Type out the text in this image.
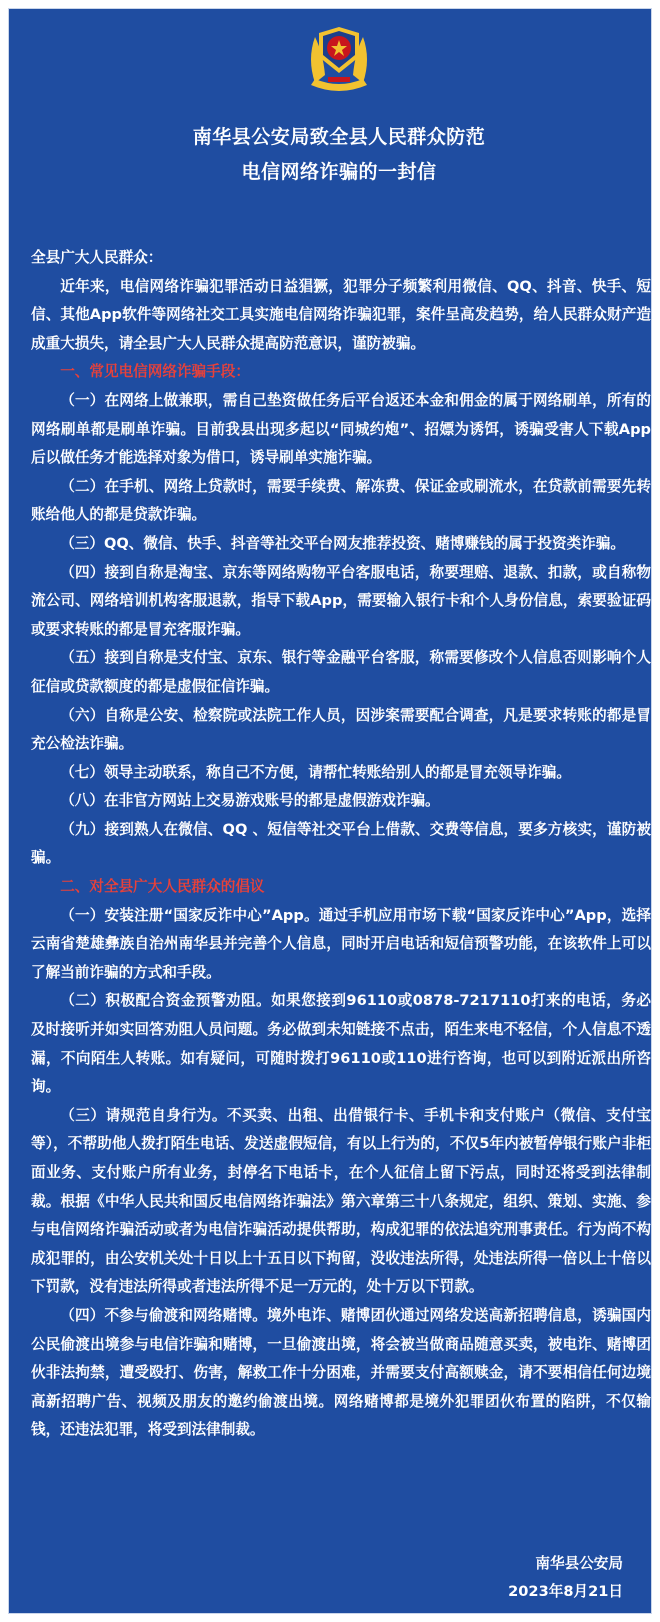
南华县公安局致全县人民群众防范
电信网络诈骗的一封信

全县广大人民群众：

近年来，电信网络诈骗犯罪活动日益猖獗，犯罪分子频繁利用微信、QQ、抖音、快手、短信、其他App软件等网络社交工具实施电信网络诈骗犯罪，案件呈高发趋势，给人民群众财产造成重大损失，请全县广大人民群众提高防范意识，谨防被骗。

一、常见电信网络诈骗手段：

（一）在网络上做兼职，需自己垫资做任务后平台返还本金和佣金的属于网络刷单，所有的网络刷单都是刷单诈骗。目前我县出现多起以“同城约炮”、招嫖为诱饵，诱骗受害人下载App后以做任务才能选择对象为借口，诱导刷单实施诈骗。

（二）在手机、网络上贷款时，需要手续费、解冻费、保证金或刷流水，在贷款前需要先转账给他人的都是贷款诈骗。

（三）QQ、微信、快手、抖音等社交平台网友推荐投资、赌博赚钱的属于投资类诈骗。

（四）接到自称是淘宝、京东等网络购物平台客服电话，称要理赔、退款、扣款，或自称物流公司、网络培训机构客服退款，指导下载App，需要输入银行卡和个人身份信息，索要验证码或要求转账的都是冒充客服诈骗。

（五）接到自称是支付宝、京东、银行等金融平台客服，称需要修改个人信息否则影响个人征信或贷款额度的都是虚假征信诈骗。

（六）自称是公安、检察院或法院工作人员，因涉案需要配合调查，凡是要求转账的都是冒充公检法诈骗。

（七）领导主动联系，称自己不方便，请帮忙转账给别人的都是冒充领导诈骗。

（八）在非官方网站上交易游戏账号的都是虚假游戏诈骗。

（九）接到熟人在微信、QQ 、短信等社交平台上借款、交费等信息，要多方核实，谨防被骗。

二、对全县广大人民群众的倡议

（一）安装注册“国家反诈中心”App。通过手机应用市场下载“国家反诈中心”App，选择云南省楚雄彝族自治州南华县并完善个人信息，同时开启电话和短信预警功能，在该软件上可以了解当前诈骗的方式和手段。

（二）积极配合资金预警劝阻。如果您接到96110或0878-7217110打来的电话，务必及时接听并如实回答劝阻人员问题。务必做到未知链接不点击，陌生来电不轻信，个人信息不透漏，不向陌生人转账。如有疑问，可随时拨打96110或110进行咨询，也可以到附近派出所咨询。

（三）请规范自身行为。不买卖、出租、出借银行卡、手机卡和支付账户（微信、支付宝等），不帮助他人拨打陌生电话、发送虚假短信，有以上行为的，不仅5年内被暂停银行账户非柜面业务、支付账户所有业务，封停名下电话卡，在个人征信上留下污点，同时还将受到法律制裁。根据《中华人民共和国反电信网络诈骗法》第六章第三十八条规定，组织、策划、实施、参与电信网络诈骗活动或者为电信诈骗活动提供帮助，构成犯罪的依法追究刑事责任。行为尚不构成犯罪的，由公安机关处十日以上十五日以下拘留，没收违法所得，处违法所得一倍以上十倍以下罚款，没有违法所得或者违法所得不足一万元的，处十万以下罚款。

（四）不参与偷渡和网络赌博。境外电诈、赌博团伙通过网络发送高新招聘信息，诱骗国内公民偷渡出境参与电信诈骗和赌博，一旦偷渡出境，将会被当做商品随意买卖，被电诈、赌博团伙非法拘禁，遭受殴打、伤害，解救工作十分困难，并需要支付高额赎金，请不要相信任何边境高新招聘广告、视频及朋友的邀约偷渡出境。网络赌博都是境外犯罪团伙布置的陷阱，不仅输钱，还违法犯罪，将受到法律制裁。

南华县公安局
2023年8月21日
